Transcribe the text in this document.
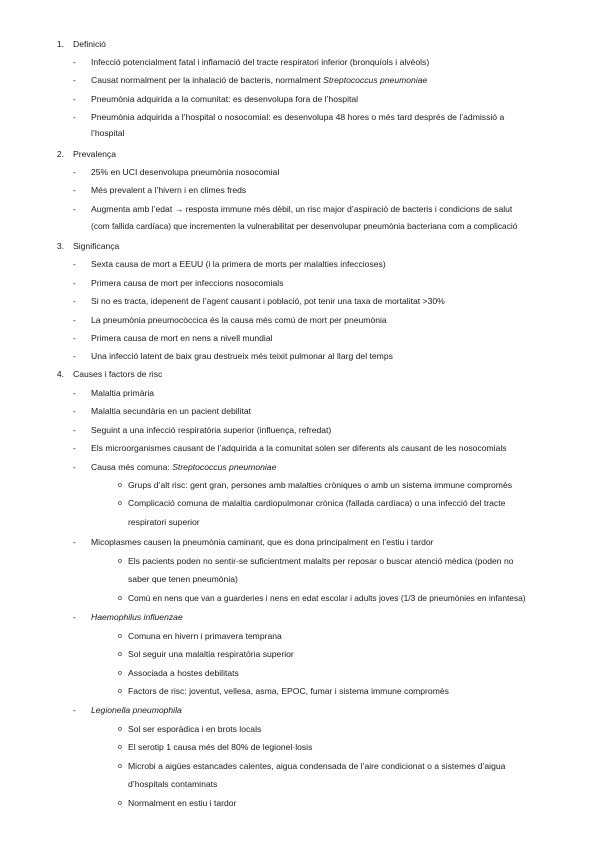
1. Definició
- Infecció potencialment fatal i inflamació del tracte respiratori inferior (bronquíols i alvèols)
- Causat normalment per la inhalació de bacteris, normalment Streptococcus pneumoniae
- Pneumònia adquirida a la comunitat: es desenvolupa fora de l’hospital
- Pneumònia adquirida a l’hospital o nosocomial: es desenvolupa 48 hores o més tard després de l’admissió a
l’hospital
2. Prevalença
- 25% en UCI desenvolupa pneumònia nosocomial
- Més prevalent a l’hivern i en climes freds
- Augmenta amb l’edat → resposta immune més dèbil, un risc major d’aspiració de bacteris i condicions de salut
(com fallida cardíaca) que incrementen la vulnerabilitat per desenvolupar pneumònia bacteriana com a complicació
3. Significança
- Sexta causa de mort a EEUU (i la primera de morts per malalties infeccioses)
- Primera causa de mort per infeccions nosocomials
- Si no es tracta, idepenent de l’agent causant i població, pot tenir una taxa de mortalitat >30%
- La pneumònia pneumocòccica és la causa més comú de mort per pneumònia
- Primera causa de mort en nens a nivell mundial
- Una infecció latent de baix grau destrueix més teixit pulmonar al llarg del temps
4. Causes i factors de risc
- Malaltia primària
- Malaltia secundària en un pacient debilitat
- Seguint a una infecció respiratòria superior (influença, refredat)
- Els microorganismes causant de l’adquirida a la comunitat solen ser diferents als causant de les nosocomials
- Causa més comuna: Streptococcus pneumoniae
o Grups d’alt risc: gent gran, persones amb malalties cròniques o amb un sistema immune compromès
o Complicació comuna de malaltia cardiopulmonar crònica (fallada cardíaca) o una infecció del tracte
respiratori superior
- Micoplasmes causen la pneumònia caminant, que es dona principalment en l’estiu i tardor
o Els pacients poden no sentir-se suficientment malalts per reposar o buscar atenció mèdica (poden no
saber que tenen pneumònia)
o Comú en nens que van a guarderies i nens en edat escolar i adults joves (1/3 de pneumònies en infantesa)
- Haemophilus influenzae
o Comuna en hivern i primavera temprana
o Sol seguir una malaltia respiratòria superior
o Associada a hostes debilitats
o Factors de risc: joventut, vellesa, asma, EPOC, fumar i sistema immune compromès
- Legionella pneumophila
o Sol ser esporàdica i en brots locals
o El serotip 1 causa més del 80% de legionel·losis
o Microbi a aigües estancades calentes, aigua condensada de l’aire condicionat o a sistemes d’aigua
d’hospitals contaminats
o Normalment en estiu i tardor
